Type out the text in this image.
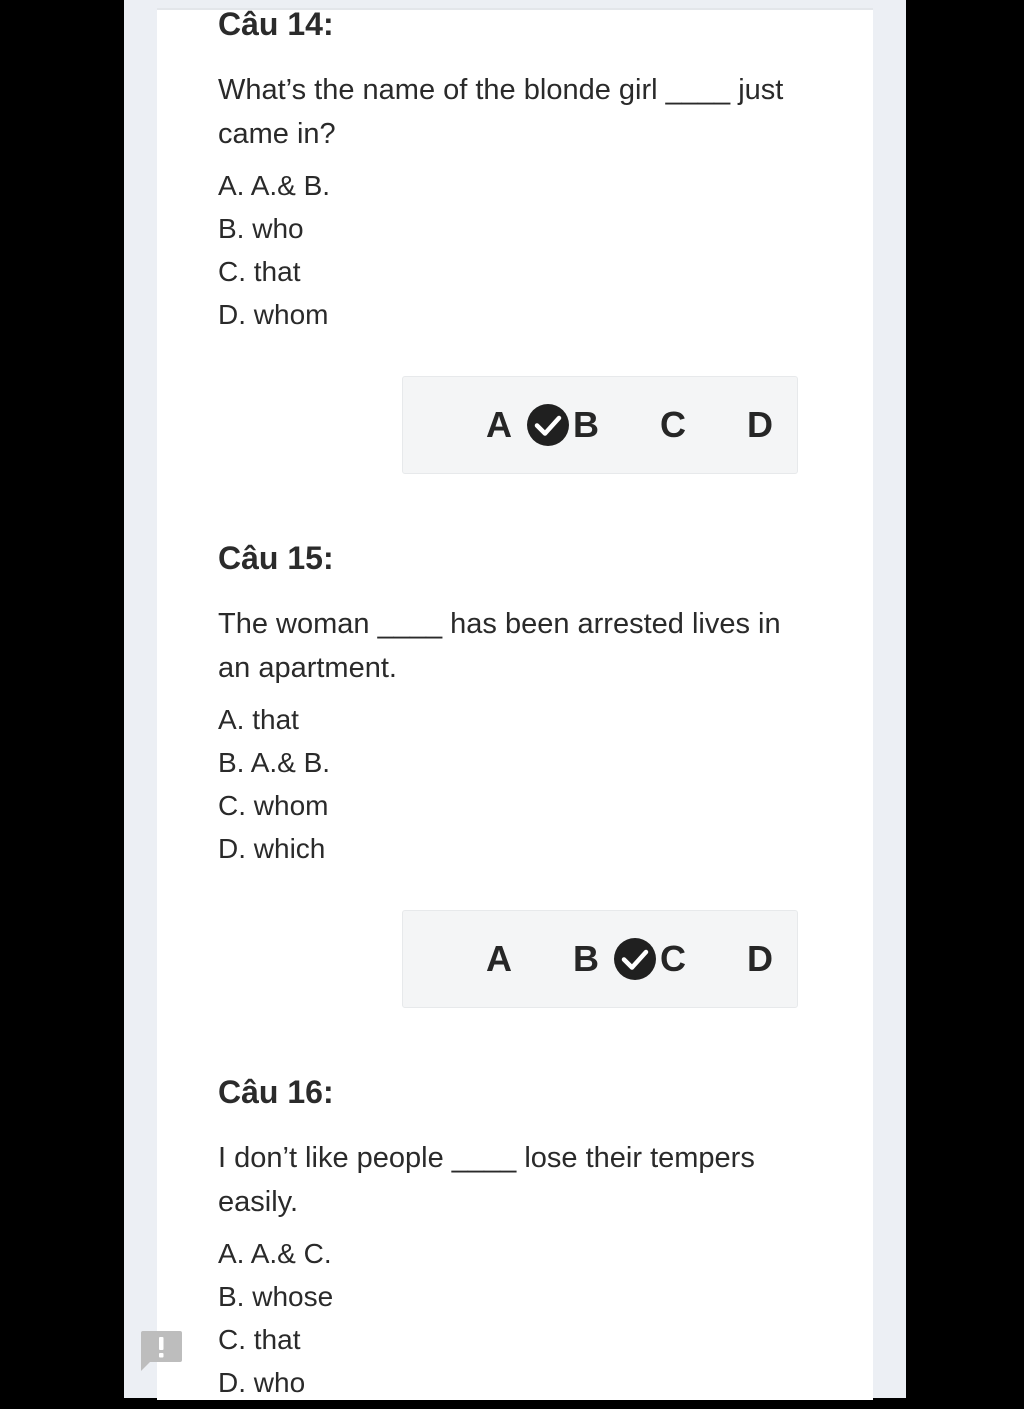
Câu 14:

What’s the name of the blonde girl ____ just came in?

A. A.& B.
B. who
C. that
D. whom
A B C D
Câu 15:

The woman ____ has been arrested lives in an apartment.

A. that
B. A.& B.
C. whom
D. which
A B C D
Câu 16:

I don’t like people ____ lose their tempers easily.

A. A.& C.
B. whose
C. that
D. who
